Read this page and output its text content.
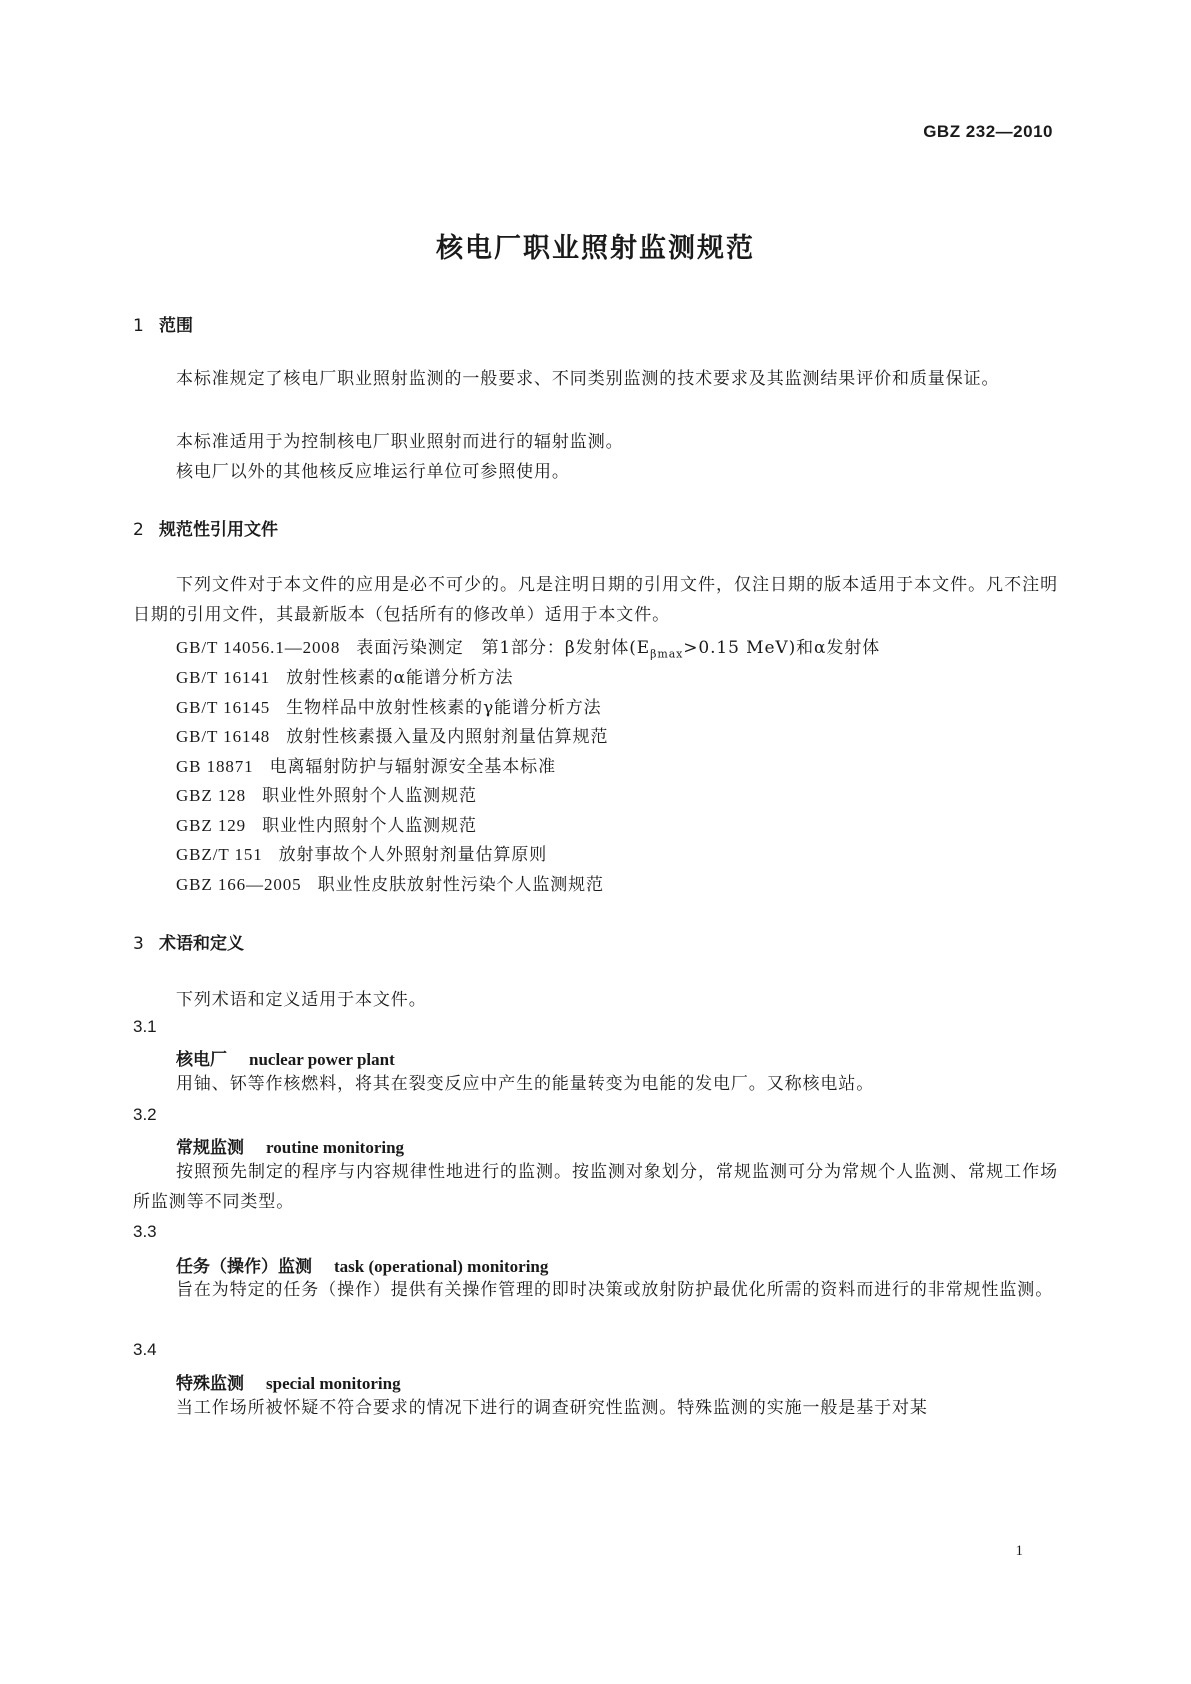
GBZ 232—2010
核电厂职业照射监测规范
1 范围
本标准规定了核电厂职业照射监测的一般要求、不同类别监测的技术要求及其监测结果评价和质量保证。
本标准适用于为控制核电厂职业照射而进行的辐射监测。
核电厂以外的其他核反应堆运行单位可参照使用。
2 规范性引用文件
下列文件对于本文件的应用是必不可少的。凡是注明日期的引用文件，仅注日期的版本适用于本文件。凡不注明日期的引用文件，其最新版本（包括所有的修改单）适用于本文件。
GB/T 14056.1—2008 表面污染测定　第1部分：β发射体($E_{\beta max}>0.15$ MeV)和α发射体
GB/T 16141 放射性核素的α能谱分析方法
GB/T 16145 生物样品中放射性核素的γ能谱分析方法
GB/T 16148 放射性核素摄入量及内照射剂量估算规范
GB 18871 电离辐射防护与辐射源安全基本标准
GBZ 128 职业性外照射个人监测规范
GBZ 129 职业性内照射个人监测规范
GBZ/T 151 放射事故个人外照射剂量估算原则
GBZ 166—2005 职业性皮肤放射性污染个人监测规范
3 术语和定义
下列术语和定义适用于本文件。
3.1
核电厂 nuclear power plant
用铀、钚等作核燃料，将其在裂变反应中产生的能量转变为电能的发电厂。又称核电站。
3.2
常规监测 routine monitoring
按照预先制定的程序与内容规律性地进行的监测。按监测对象划分，常规监测可分为常规个人监测、常规工作场所监测等不同类型。
3.3
任务（操作）监测 task (operational) monitoring
旨在为特定的任务（操作）提供有关操作管理的即时决策或放射防护最优化所需的资料而进行的非常规性监测。
3.4
特殊监测 special monitoring
当工作场所被怀疑不符合要求的情况下进行的调查研究性监测。特殊监测的实施一般是基于对某
1
